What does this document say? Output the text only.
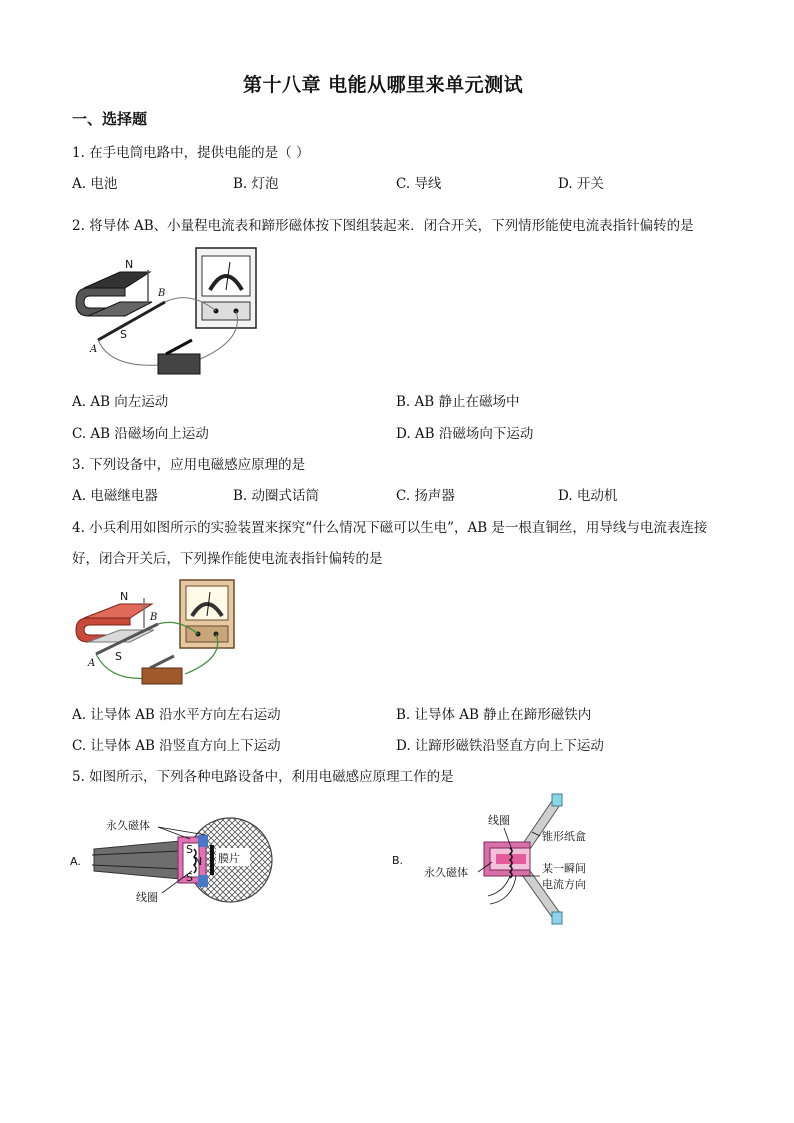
第十八章 电能从哪里来单元测试
一、选择题
1. 在手电筒电路中，提供电能的是（ ）
A. 电池	B. 灯泡	C. 导线	D. 开关
2. 将导体 AB、小量程电流表和蹄形磁体按下图组装起来．闭合开关，下列情形能使电流表指针偏转的是
N
S
A
B
A. AB 向左运动	B. AB 静止在磁场中
C. AB 沿磁场向上运动	D. AB 沿磁场向下运动
3. 下列设备中，应用电磁感应原理的是
A. 电磁继电器	B. 动圈式话筒	C. 扬声器	D. 电动机
4. 小兵利用如图所示的实验装置来探究“什么情况下磁可以生电”，AB 是一根直铜丝，用导线与电流表连接
好，闭合开关后，下列操作能使电流表指针偏转的是
N
S
A
B
A. 让导体 AB 沿水平方向左右运动	B. 让导体 AB 静止在蹄形磁铁内
C. 让导体 AB 沿竖直方向上下运动	D. 让蹄形磁铁沿竖直方向上下运动
5. 如图所示，下列各种电路设备中，利用电磁感应原理工作的是
A.
S
S
N 膜片
永久磁体
线圈
B.
线圈
锥形纸盒
永久磁体	某一瞬间
电流方向
